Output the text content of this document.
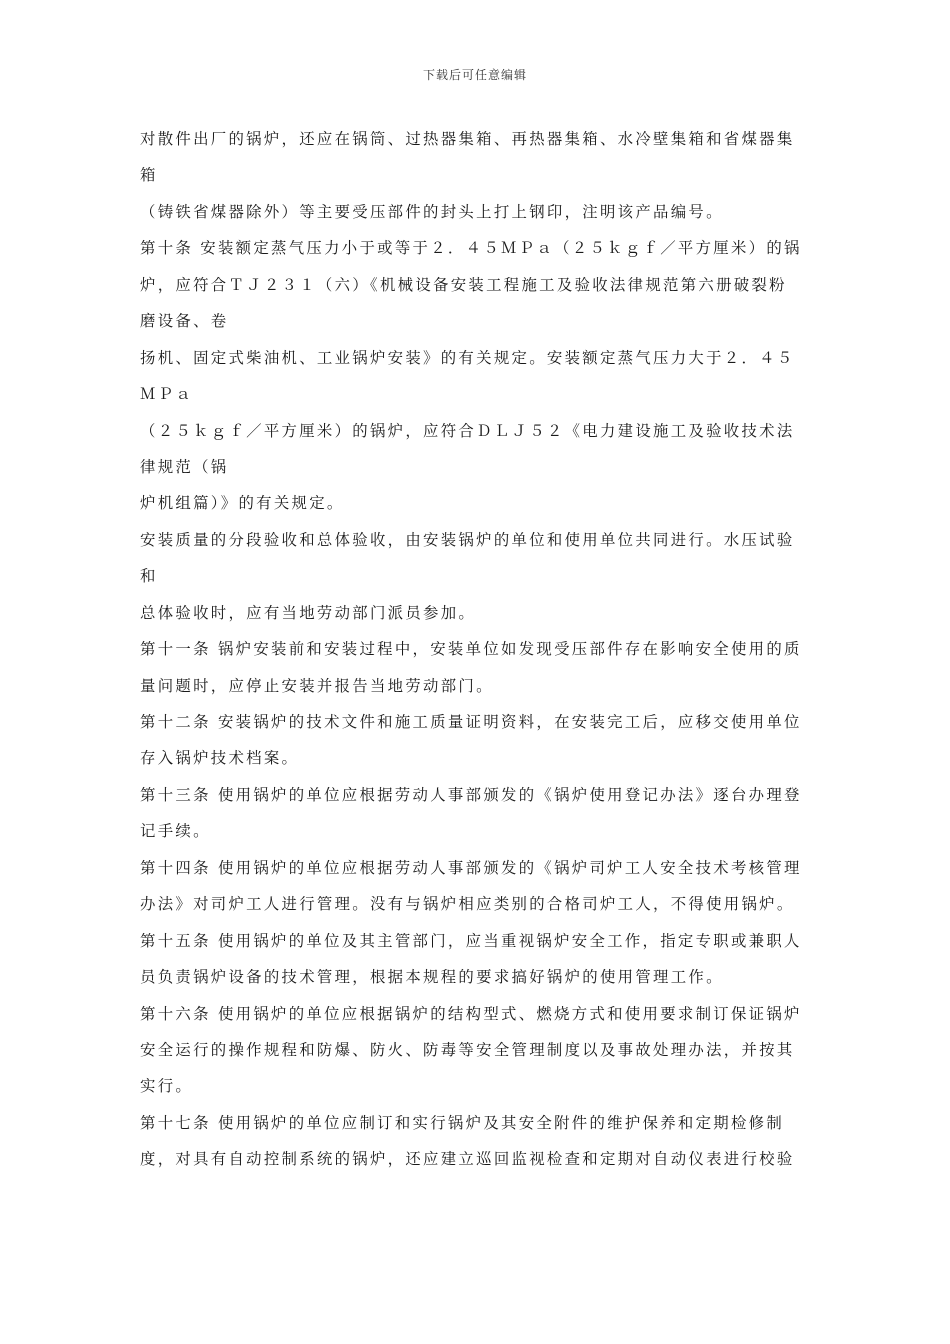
下载后可任意编辑
对散件出厂的锅炉，还应在锅筒、过热器集箱、再热器集箱、水冷壁集箱和省煤器集
箱
（铸铁省煤器除外）等主要受压部件的封头上打上钢印，注明该产品编号。
第十条 安装额定蒸气压力小于或等于２．４５ＭＰａ（２５ｋｇｆ／平方厘米）的锅
炉，应符合ＴＪ２３１（六）《机械设备安装工程施工及验收法律规范第六册破裂粉
磨设备、卷
扬机、固定式柴油机、工业锅炉安装》的有关规定。安装额定蒸气压力大于２．４５
ＭＰａ
（２５ｋｇｆ／平方厘米）的锅炉，应符合ＤＬＪ５２《电力建设施工及验收技术法
律规范（锅
炉机组篇）》的有关规定。
安装质量的分段验收和总体验收，由安装锅炉的单位和使用单位共同进行。水压试验
和
总体验收时，应有当地劳动部门派员参加。
第十一条 锅炉安装前和安装过程中，安装单位如发现受压部件存在影响安全使用的质
量问题时，应停止安装并报告当地劳动部门。
第十二条 安装锅炉的技术文件和施工质量证明资料，在安装完工后，应移交使用单位
存入锅炉技术档案。
第十三条 使用锅炉的单位应根据劳动人事部颁发的《锅炉使用登记办法》逐台办理登
记手续。
第十四条 使用锅炉的单位应根据劳动人事部颁发的《锅炉司炉工人安全技术考核管理
办法》对司炉工人进行管理。没有与锅炉相应类别的合格司炉工人，不得使用锅炉。
第十五条 使用锅炉的单位及其主管部门，应当重视锅炉安全工作，指定专职或兼职人
员负责锅炉设备的技术管理，根据本规程的要求搞好锅炉的使用管理工作。
第十六条 使用锅炉的单位应根据锅炉的结构型式、燃烧方式和使用要求制订保证锅炉
安全运行的操作规程和防爆、防火、防毒等安全管理制度以及事故处理办法，并按其
实行。
第十七条 使用锅炉的单位应制订和实行锅炉及其安全附件的维护保养和定期检修制
度，对具有自动控制系统的锅炉，还应建立巡回监视检查和定期对自动仪表进行校验
